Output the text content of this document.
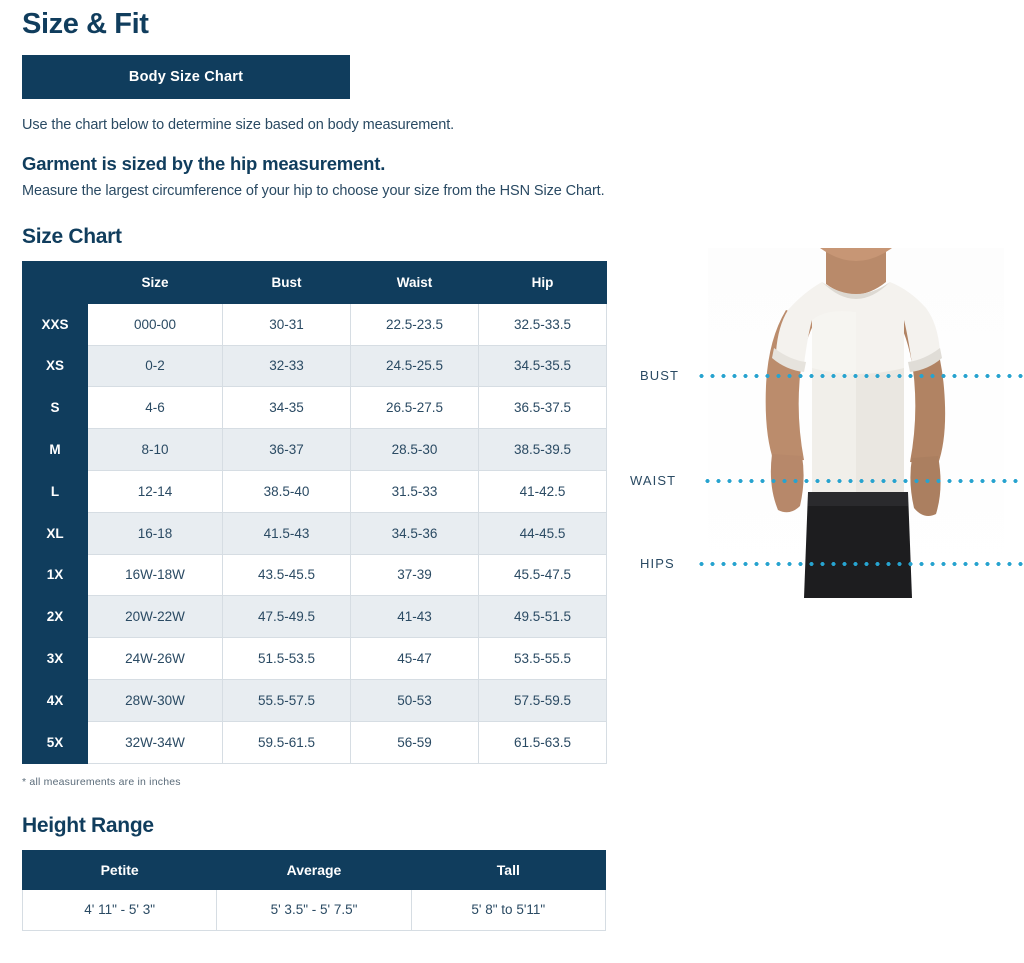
Size & Fit
Body Size Chart
Use the chart below to determine size based on body measurement.
Garment is sized by the hip measurement.
Measure the largest circumference of your hip to choose your size from the HSN Size Chart.
Size Chart
	Size	Bust	Waist	Hip
XXS	000-00	30-31	22.5-23.5	32.5-33.5
XS	0-2	32-33	24.5-25.5	34.5-35.5
S	4-6	34-35	26.5-27.5	36.5-37.5
M	8-10	36-37	28.5-30	38.5-39.5
L	12-14	38.5-40	31.5-33	41-42.5
XL	16-18	41.5-43	34.5-36	44-45.5
1X	16W-18W	43.5-45.5	37-39	45.5-47.5
2X	20W-22W	47.5-49.5	41-43	49.5-51.5
3X	24W-26W	51.5-53.5	45-47	53.5-55.5
4X	28W-30W	55.5-57.5	50-53	57.5-59.5
5X	32W-34W	59.5-61.5	56-59	61.5-63.5
* all measurements are in inches
Height Range
Petite	Average	Tall
4' 11" - 5' 3"	5' 3.5" - 5' 7.5"	5' 8" to 5'11"
BUST
WAIST
HIPS
